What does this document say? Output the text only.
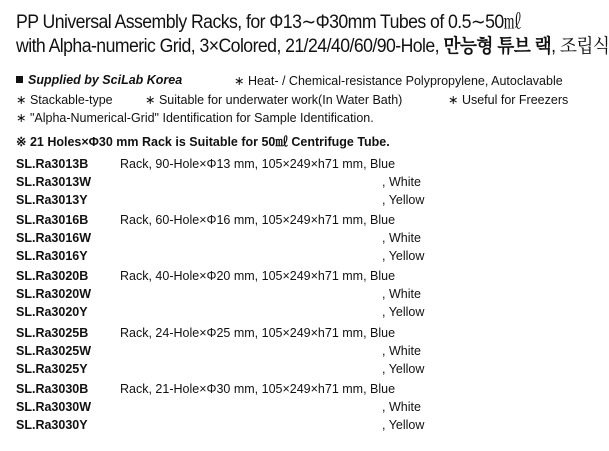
PP Universal Assembly Racks, for Φ13∼Φ30mm Tubes of 0.5∼50㎖
with Alpha-numeric Grid, 3×Colored, 21/24/40/60/90-Hole, 만능형 튜브 랙, 조립식
Supplied by SciLab Korea	∗ Heat- / Chemical-resistance Polypropylene, Autoclavable
∗ Stackable-type	∗ Suitable for underwater work(In Water Bath)	∗ Useful for Freezers
∗ "Alpha-Numerical-Grid" Identification for Sample Identification.
※ 21 Holes×Φ30 mm Rack is Suitable for 50㎖ Centrifuge Tube.
SL.Ra3013B	Rack, 90-Hole×Φ13 mm, 105×249×h71 mm, Blue
SL.Ra3013W	, White
SL.Ra3013Y	, Yellow
SL.Ra3016B	Rack, 60-Hole×Φ16 mm, 105×249×h71 mm, Blue
SL.Ra3016W	, White
SL.Ra3016Y	, Yellow
SL.Ra3020B	Rack, 40-Hole×Φ20 mm, 105×249×h71 mm, Blue
SL.Ra3020W	, White
SL.Ra3020Y	, Yellow
SL.Ra3025B	Rack, 24-Hole×Φ25 mm, 105×249×h71 mm, Blue
SL.Ra3025W	, White
SL.Ra3025Y	, Yellow
SL.Ra3030B	Rack, 21-Hole×Φ30 mm, 105×249×h71 mm, Blue
SL.Ra3030W	, White
SL.Ra3030Y	, Yellow
